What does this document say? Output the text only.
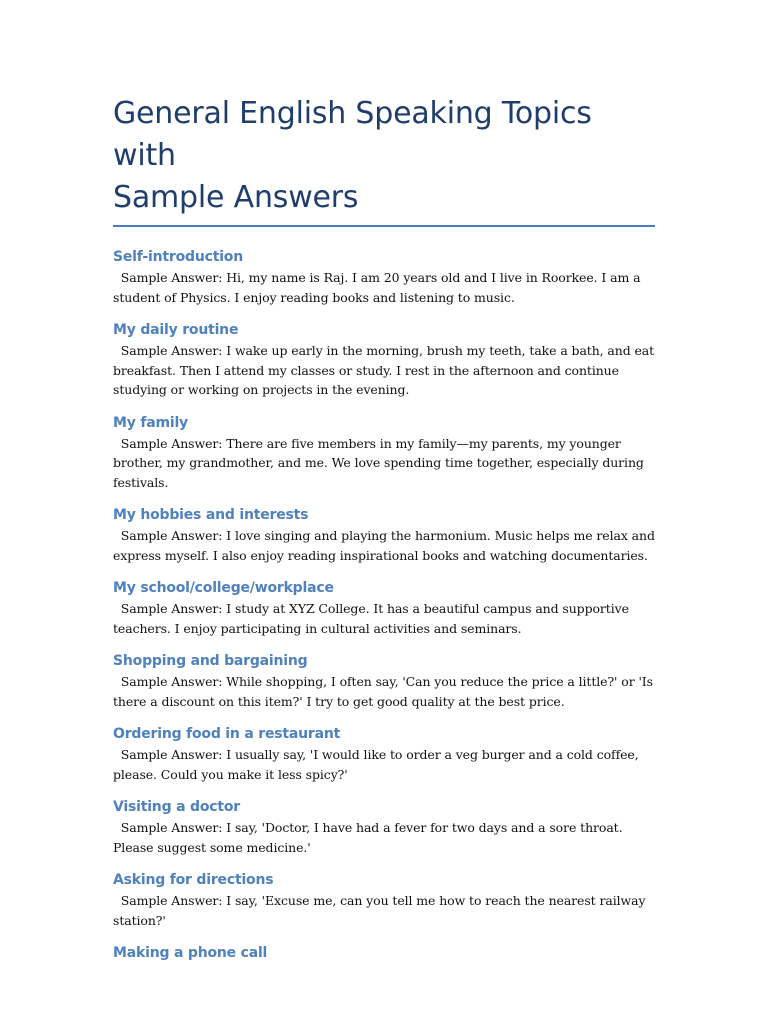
General English Speaking Topics with
Sample Answers
Self-introduction

Sample Answer: Hi, my name is Raj. I am 20 years old and I live in Roorkee. I am a student of Physics. I enjoy reading books and listening to music.

My daily routine

Sample Answer: I wake up early in the morning, brush my teeth, take a bath, and eat breakfast. Then I attend my classes or study. I rest in the afternoon and continue studying or working on projects in the evening.

My family

Sample Answer: There are five members in my family—my parents, my younger brother, my grandmother, and me. We love spending time together, especially during festivals.

My hobbies and interests

Sample Answer: I love singing and playing the harmonium. Music helps me relax and express myself. I also enjoy reading inspirational books and watching documentaries.

My school/college/workplace

Sample Answer: I study at XYZ College. It has a beautiful campus and supportive teachers. I enjoy participating in cultural activities and seminars.

Shopping and bargaining

Sample Answer: While shopping, I often say, 'Can you reduce the price a little?' or 'Is there a discount on this item?' I try to get good quality at the best price.

Ordering food in a restaurant

Sample Answer: I usually say, 'I would like to order a veg burger and a cold coffee, please. Could you make it less spicy?'

Visiting a doctor

Sample Answer: I say, 'Doctor, I have had a fever for two days and a sore throat. Please suggest some medicine.'

Asking for directions

Sample Answer: I say, 'Excuse me, can you tell me how to reach the nearest railway station?'

Making a phone call
